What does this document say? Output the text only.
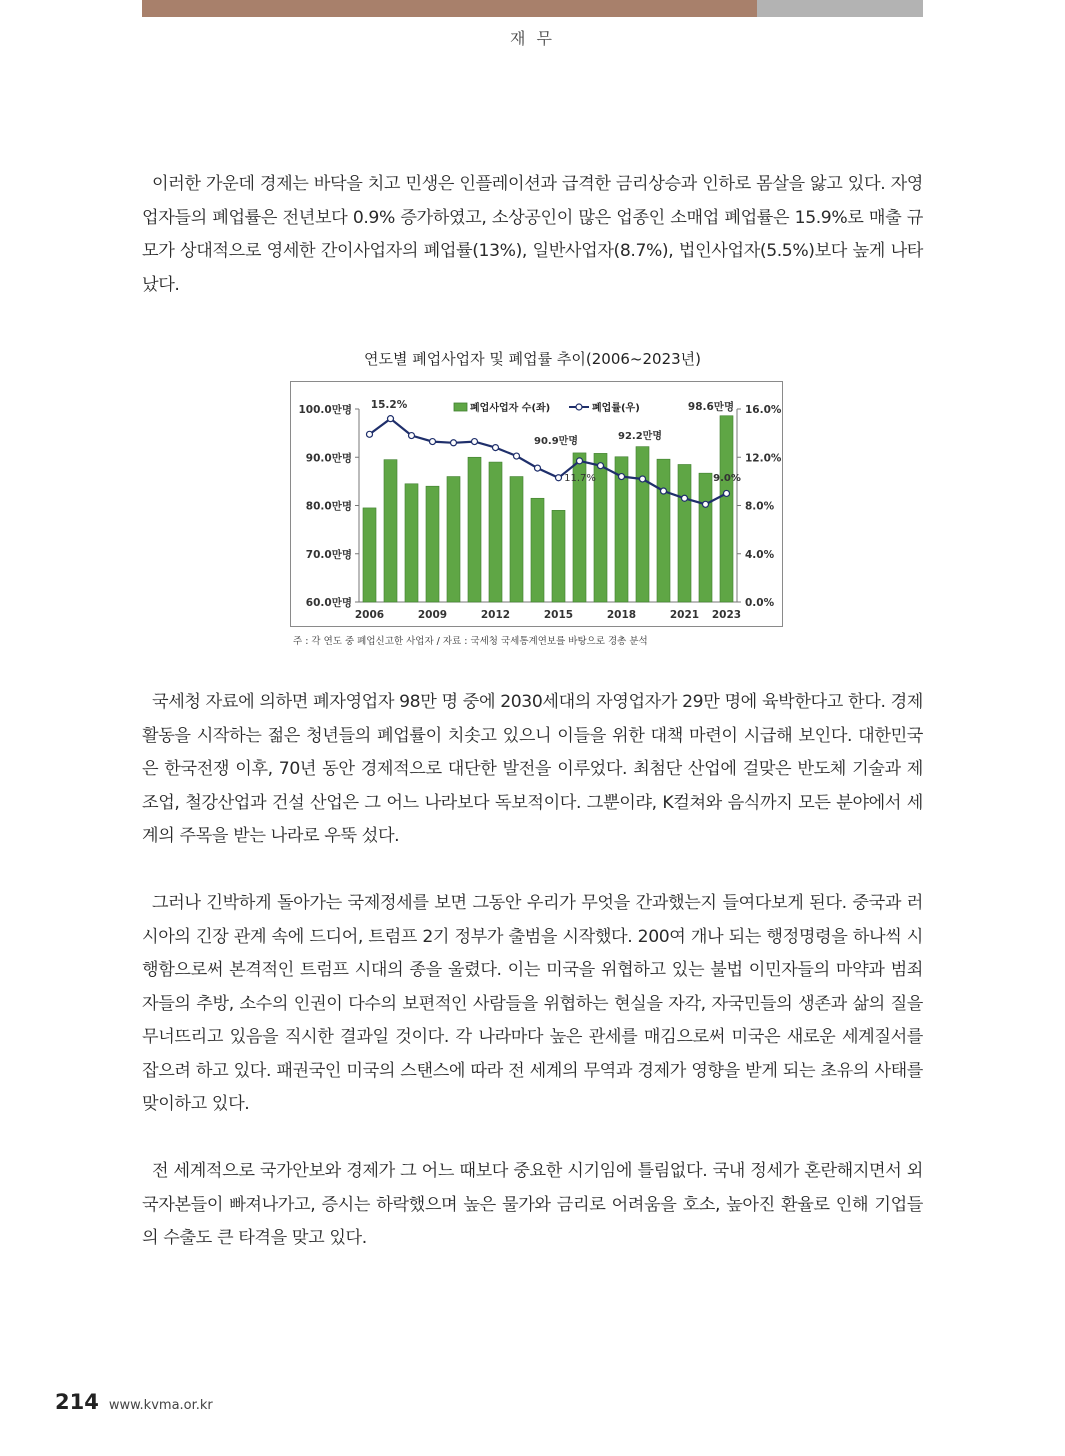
재 무

이러한 가운데 경제는 바닥을 치고 민생은 인플레이션과 급격한 금리상승과 인하로 몸살을 앓고 있다. 자영업자들의 폐업률은 전년보다 0.9% 증가하였고, 소상공인이 많은 업종인 소매업 폐업률은 15.9%로 매출 규모가 상대적으로 영세한 간이사업자의 폐업률(13%), 일반사업자(8.7%), 법인사업자(5.5%)보다 높게 나타났다.

연도별 폐업사업자 및 폐업률 추이(2006~2023년)
100.0만명
90.0만명
80.0만명
70.0만명
60.0만명
16.0%
12.0%
8.0%
4.0%
0.0%
2006	2009	2012	2015	2018	2021 2023
폐업사업자 수(좌)	폐업률(우)
15.2%
90.9만명	92.2만명
98.6만명
11.7%	9.0%
주 : 각 연도 중 폐업신고한 사업자 / 자료 : 국세청 국세통계연보를 바탕으로 경총 분석

국세청 자료에 의하면 폐자영업자 98만 명 중에 2030세대의 자영업자가 29만 명에 육박한다고 한다. 경제활동을 시작하는 젊은 청년들의 폐업률이 치솟고 있으니 이들을 위한 대책 마련이 시급해 보인다. 대한민국은 한국전쟁 이후, 70년 동안 경제적으로 대단한 발전을 이루었다. 최첨단 산업에 걸맞은 반도체 기술과 제조업, 철강산업과 건설 산업은 그 어느 나라보다 독보적이다. 그뿐이랴, K컬쳐와 음식까지 모든 분야에서 세계의 주목을 받는 나라로 우뚝 섰다.

그러나 긴박하게 돌아가는 국제정세를 보면 그동안 우리가 무엇을 간과했는지 들여다보게 된다. 중국과 러시아의 긴장 관계 속에 드디어, 트럼프 2기 정부가 출범을 시작했다. 200여 개나 되는 행정명령을 하나씩 시행함으로써 본격적인 트럼프 시대의 종을 울렸다. 이는 미국을 위협하고 있는 불법 이민자들의 마약과 범죄자들의 추방, 소수의 인권이 다수의 보편적인 사람들을 위협하는 현실을 자각, 자국민들의 생존과 삶의 질을 무너뜨리고 있음을 직시한 결과일 것이다. 각 나라마다 높은 관세를 매김으로써 미국은 새로운 세계질서를 잡으려 하고 있다. 패권국인 미국의 스탠스에 따라 전 세계의 무역과 경제가 영향을 받게 되는 초유의 사태를 맞이하고 있다.

전 세계적으로 국가안보와 경제가 그 어느 때보다 중요한 시기임에 틀림없다. 국내 정세가 혼란해지면서 외국자본들이 빠져나가고, 증시는 하락했으며 높은 물가와 금리로 어려움을 호소, 높아진 환율로 인해 기업들의 수출도 큰 타격을 맞고 있다.

214 www.kvma.or.kr
